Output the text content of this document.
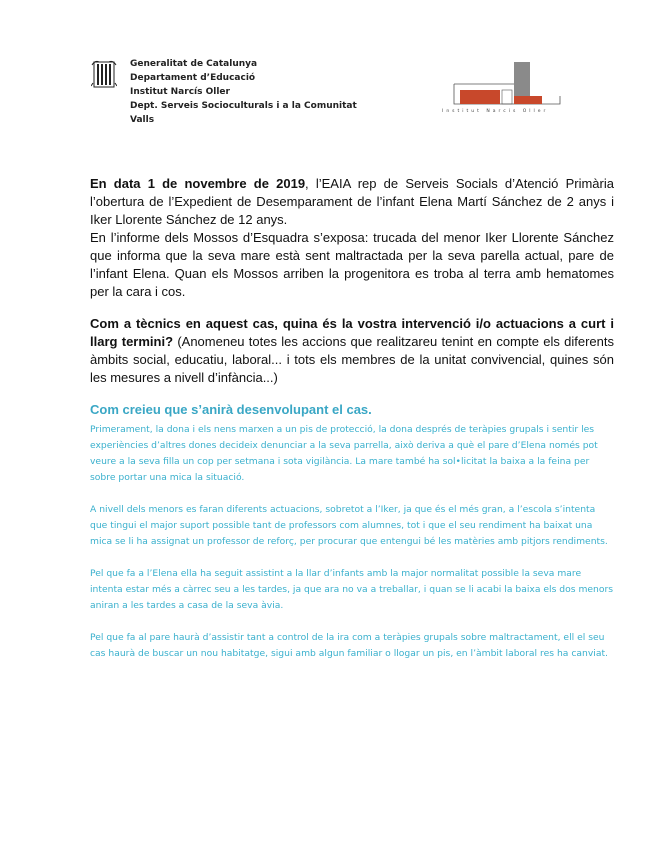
Generalitat de Catalunya
Departament d’Educació
Institut Narcís Oller
Dept. Serveis Socioculturals i a la Comunitat
Valls
Institut Narcís Oller

En data 1 de novembre de 2019, l’EAIA rep de Serveis Socials d’Atenció Primària l’obertura de l’Expedient de Desemparament de l’infant Elena Martí Sánchez de 2 anys i Iker Llorente Sánchez de 12 anys.

En l’informe dels Mossos d’Esquadra s’exposa: trucada del menor Iker Llorente Sánchez que informa que la seva mare està sent maltractada per la seva parella actual, pare de l’infant Elena. Quan els Mossos arriben la progenitora es troba al terra amb hematomes per la cara i cos.

Com a tècnics en aquest cas, quina és la vostra intervenció i/o actuacions a curt i llarg termini? (Anomeneu totes les accions que realitzareu tenint en compte els diferents àmbits social, educatiu, laboral... i tots els membres de la unitat convivencial, quines són les mesures a nivell d’infància...)

Com creieu que s’anirà desenvolupant el cas.

Primerament, la dona i els nens marxen a un pis de protecció, la dona després de teràpies grupals i sentir les experiències d’altres dones decideix denunciar a la seva parrella, això deriva a què el pare d’Elena només pot veure a la seva filla un cop per setmana i sota vigilància. La mare també ha sol•licitat la baixa a la feina per sobre portar una mica la situació.

A nivell dels menors es faran diferents actuacions, sobretot a l’Iker, ja que és el més gran, a l’escola s’intenta que tingui el major suport possible tant de professors com alumnes, tot i que el seu rendiment ha baixat una mica se li ha assignat un professor de reforç, per procurar que entengui bé les matèries amb pitjors rendiments.

Pel que fa a l’Elena ella ha seguit assistint a la llar d’infants amb la major normalitat possible la seva mare intenta estar més a càrrec seu a les tardes, ja que ara no va a treballar, i quan se li acabi la baixa els dos menors aniran a les tardes a casa de la seva àvia.

Pel que fa al pare haurà d’assistir tant a control de la ira com a teràpies grupals sobre maltractament, ell el seu cas haurà de buscar un nou habitatge, sigui amb algun familiar o llogar un pis, en l’àmbit laboral res ha canviat.
